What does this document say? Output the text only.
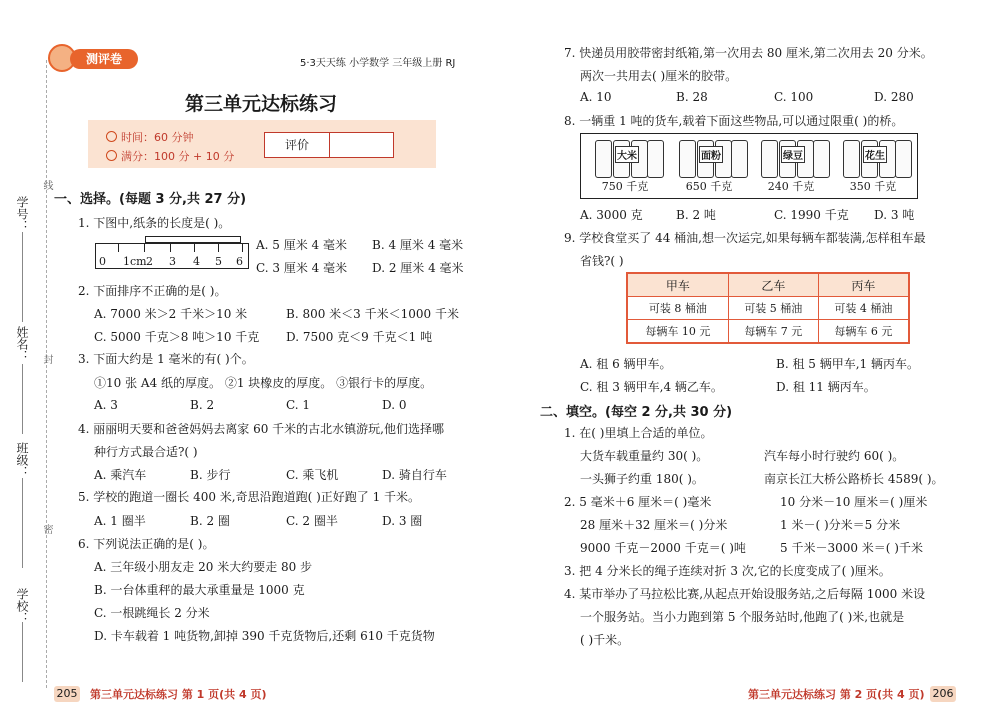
学号：
姓名：
班级：
学校：
线
封
密
测评卷	5·3天天练 小学数学 三年级上册 RJ
第三单元达标练习
时间：60 分钟
满分：100 分 + 10 分
评价
一、选择。(每题 3 分,共 27 分)
1. 下图中,纸条的长度是( )。
0 1cm 2 3 4 5 6
A. 5 厘米 4 毫米 B. 4 厘米 4 毫米
C. 3 厘米 4 毫米 D. 2 厘米 4 毫米
2. 下面排序不正确的是( )。
A. 7000 米＞2 千米＞10 米	B. 800 米＜3 千米＜1000 千米
C. 5000 千克＞8 吨＞10 千克 D. 7500 克＜9 千克＜1 吨
3. 下面大约是 1 毫米的有( )个。
①10 张 A4 纸的厚度。 ②1 块橡皮的厚度。 ③银行卡的厚度。
A. 3	B. 2	C. 1	D. 0
4. 丽丽明天要和爸爸妈妈去离家 60 千米的古北水镇游玩,他们选择哪
种行方式最合适?( )
A. 乘汽车	B. 步行	C. 乘飞机	D. 骑自行车
5. 学校的跑道一圈长 400 米,奇思沿跑道跑( )正好跑了 1 千米。
A. 1 圈半	B. 2 圈	C. 2 圈半	D. 3 圈
6. 下列说法正确的是( )。
A. 三年级小朋友走 20 米大约要走 80 步
B. 一台体重秤的最大承重量是 1000 克
C. 一根跳绳长 2 分米
D. 卡车载着 1 吨货物,卸掉 390 千克货物后,还剩 610 千克货物
205 第三单元达标练习 第 1 页(共 4 页)
7. 快递员用胶带密封纸箱,第一次用去 80 厘米,第二次用去 20 分米。
两次一共用去( )厘米的胶带。
A. 10	B. 28	C. 100	D. 280
8. 一辆重 1 吨的货车,载着下面这些物品,可以通过限重( )的桥。
大米
750 千克
面粉
650 千克
绿豆
240 千克
花生
350 千克
A. 3000 克	B. 2 吨	C. 1990 千克 D. 3 吨
9. 学校食堂买了 44 桶油,想一次运完,如果每辆车都装满,怎样租车最
省钱?( )
甲车	乙车	丙车
可装 8 桶油	可装 5 桶油	可装 4 桶油
每辆车 10 元	每辆车 7 元	每辆车 6 元
A. 租 6 辆甲车。	B. 租 5 辆甲车,1 辆丙车。
C. 租 3 辆甲车,4 辆乙车。	D. 租 11 辆丙车。
二、填空。(每空 2 分,共 30 分)
1. 在( )里填上合适的单位。
大货车载重量约 30( )。	汽车每小时行驶约 60( )。
一头狮子约重 180( )。	南京长江大桥公路桥长 4589( )。
2. 5 毫米＋6 厘米＝( )毫米	10 分米－10 厘米＝( )厘米
28 厘米＋32 厘米＝( )分米	1 米－( )分米＝5 分米
9000 千克－2000 千克＝( )吨	5 千米－3000 米＝( )千米
3. 把 4 分米长的绳子连续对折 3 次,它的长度变成了( )厘米。
4. 某市举办了马拉松比赛,从起点开始设服务站,之后每隔 1000 米设
一个服务站。当小力跑到第 5 个服务站时,他跑了( )米,也就是
( )千米。
第三单元达标练习 第 2 页(共 4 页) 206
